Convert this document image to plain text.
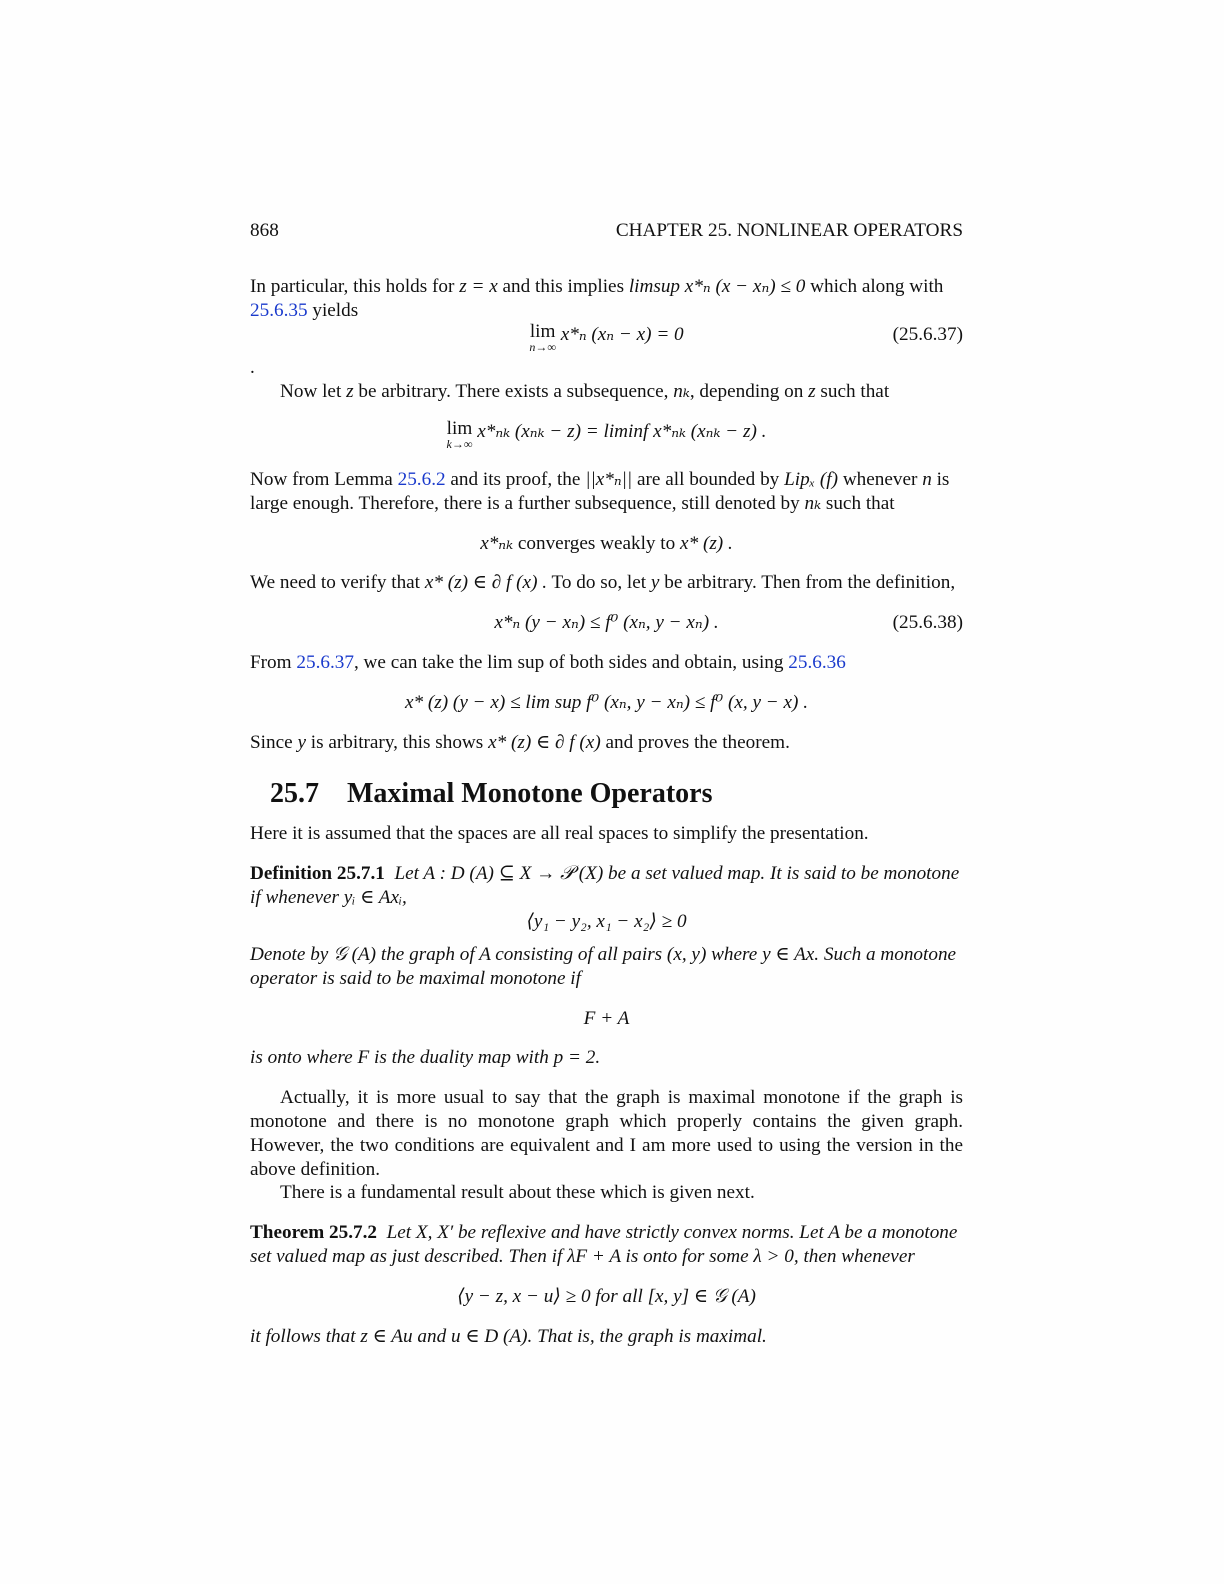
868	CHAPTER 25. NONLINEAR OPERATORS
In particular, this holds for z = x and this implies limsup x*ₙ (x − xₙ) ≤ 0 which along with 25.6.35 yields
lim
n→∞
x*ₙ (xₙ − x) = 0	(25.6.37)
.
Now let z be arbitrary. There exists a subsequence, nₖ, depending on z such that
lim
k→∞
x*ₙₖ (xₙₖ − z) = liminf x*ₙₖ (xₙₖ − z) .
Now from Lemma 25.6.2 and its proof, the ||x*ₙ|| are all bounded by Lipₓ (f) whenever n is large enough. Therefore, there is a further subsequence, still denoted by nₖ such that
x*ₙₖ converges weakly to x* (z) .
We need to verify that x* (z) ∈ ∂ f (x) . To do so, let y be arbitrary. Then from the definition,
x*ₙ (y − xₙ) ≤ f⁰ (xₙ, y − xₙ) .	(25.6.38)
From 25.6.37, we can take the lim sup of both sides and obtain, using 25.6.36
x* (z) (y − x) ≤ lim sup f⁰ (xₙ, y − xₙ) ≤ f⁰ (x, y − x) .
Since y is arbitrary, this shows x* (z) ∈ ∂ f (x) and proves the theorem.
25.7 Maximal Monotone Operators
Here it is assumed that the spaces are all real spaces to simplify the presentation.
Definition 25.7.1 Let A : D (A) ⊆ X → 𝒫 (X) be a set valued map. It is said to be monotone if whenever yᵢ ∈ Axᵢ,
⟨y₁ − y₂, x₁ − x₂⟩ ≥ 0
Denote by 𝒢 (A) the graph of A consisting of all pairs (x, y) where y ∈ Ax. Such a monotone operator is said to be maximal monotone if
F + A
is onto where F is the duality map with p = 2.
Actually, it is more usual to say that the graph is maximal monotone if the graph is monotone and there is no monotone graph which properly contains the given graph. However, the two conditions are equivalent and I am more used to using the version in the above definition.
There is a fundamental result about these which is given next.
Theorem 25.7.2 Let X, X′ be reflexive and have strictly convex norms. Let A be a monotone set valued map as just described. Then if λF + A is onto for some λ > 0, then whenever
⟨y − z, x − u⟩ ≥ 0 for all [x, y] ∈ 𝒢 (A)
it follows that z ∈ Au and u ∈ D (A). That is, the graph is maximal.
